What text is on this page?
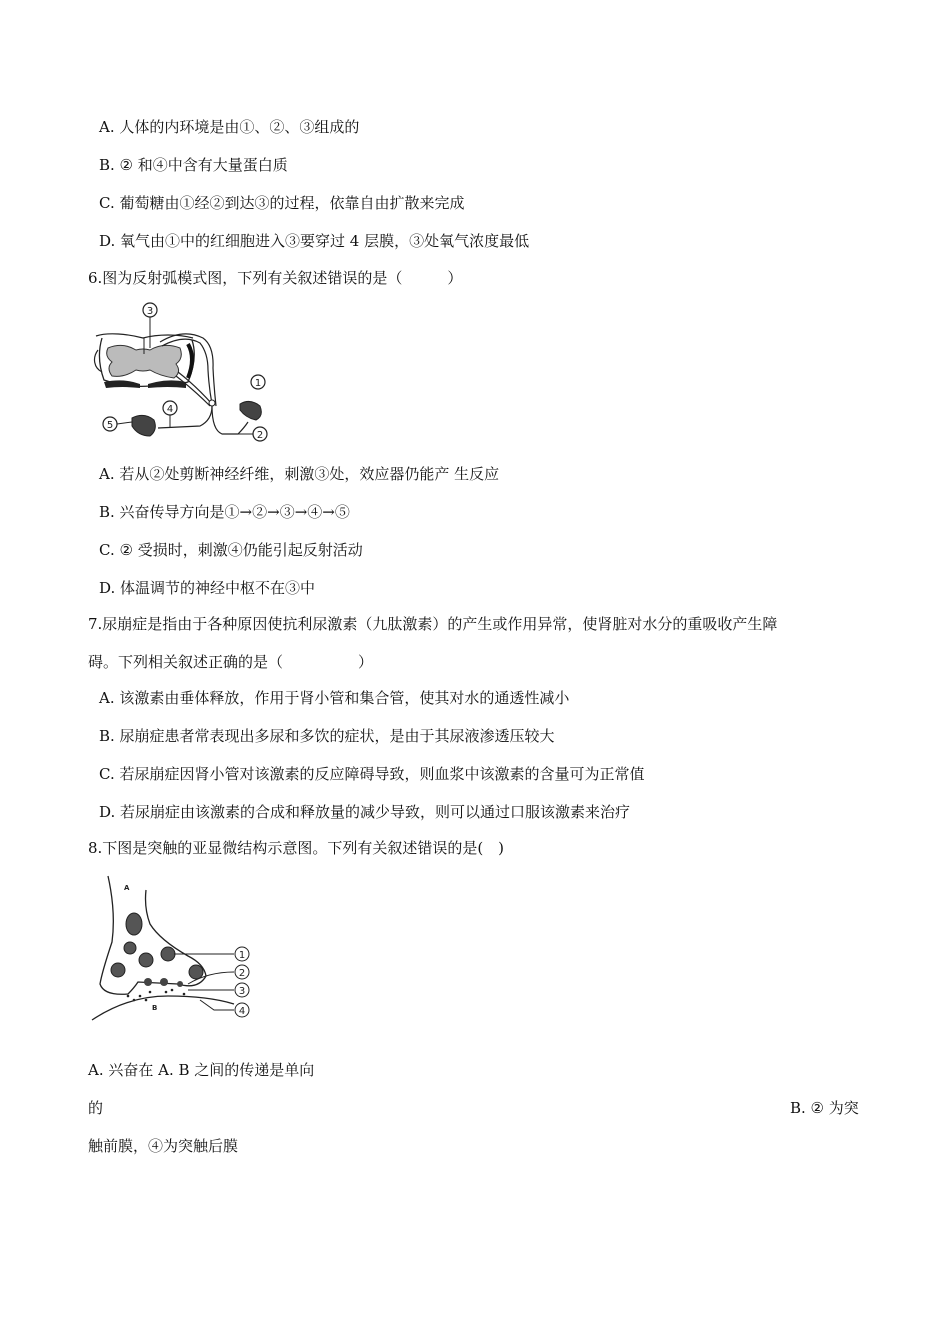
A. 人体的内环境是由①、②、③组成的
B. ② 和④中含有大量蛋白质
C. 葡萄糖由①经②到达③的过程，依靠自由扩散来完成
D. 氧气由①中的红细胞进入③要穿过 4 层膜，③处氧气浓度最低
6.图为反射弧模式图，下列有关叙述错误的是（　　　）
3
1
2
5
4
A. 若从②处剪断神经纤维，刺激③处，效应器仍能产 生反应
B. 兴奋传导方向是①→②→③→④→⑤
C. ② 受损时，刺激④仍能引起反射活动
D. 体温调节的神经中枢不在③中
7.尿崩症是指由于各种原因使抗利尿激素（九肽激素）的产生或作用异常，使肾脏对水分的重吸收产生障
碍。下列相关叙述正确的是（　　　　　）
A. 该激素由垂体释放，作用于肾小管和集合管，使其对水的通透性减小
B. 尿崩症患者常表现出多尿和多饮的症状，是由于其尿液渗透压较大
C. 若尿崩症因肾小管对该激素的反应障碍导致，则血浆中该激素的含量可为正常值
D. 若尿崩症由该激素的合成和释放量的减少导致，则可以通过口服该激素来治疗
8.下图是突触的亚显微结构示意图。下列有关叙述错误的是(　)
A
B
1
2
3
4
A. 兴奋在 A. B 之间的传递是单向
的	B. ② 为突
触前膜，④为突触后膜
